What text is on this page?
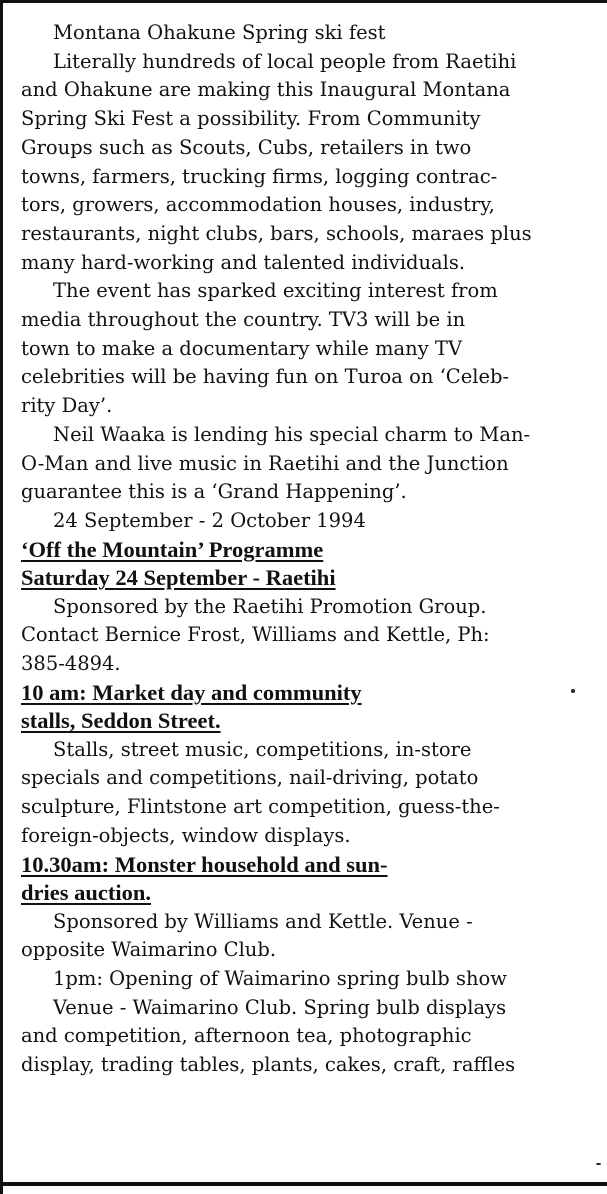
Montana Ohakune Spring ski fest

Literally hundreds of local people from Raetihi

and Ohakune are making this Inaugural Montana

Spring Ski Fest a possibility. From Community

Groups such as Scouts, Cubs, retailers in two

towns, farmers, trucking firms, logging contrac-

tors, growers, accommodation houses, industry,

restaurants, night clubs, bars, schools, maraes plus

many hard-working and talented individuals.

The event has sparked exciting interest from

media throughout the country. TV3 will be in

town to make a documentary while many TV

celebrities will be having fun on Turoa on ‘Celeb-

rity Day’.

Neil Waaka is lending his special charm to Man-

O-Man and live music in Raetihi and the Junction

guarantee this is a ‘Grand Happening’.

24 September - 2 October 1994

‘Off the Mountain’ Programme

Saturday 24 September - Raetihi

Sponsored by the Raetihi Promotion Group.

Contact Bernice Frost, Williams and Kettle, Ph:

385-4894.

10 am: Market day and community

stalls, Seddon Street.

Stalls, street music, competitions, in-store

specials and competitions, nail-driving, potato

sculpture, Flintstone art competition, guess-the-

foreign-objects, window displays.

10.30am: Monster household and sun-

dries auction.

Sponsored by Williams and Kettle. Venue -

opposite Waimarino Club.

1pm: Opening of Waimarino spring bulb show

Venue - Waimarino Club. Spring bulb displays

and competition, afternoon tea, photographic

display, trading tables, plants, cakes, craft, raffles
